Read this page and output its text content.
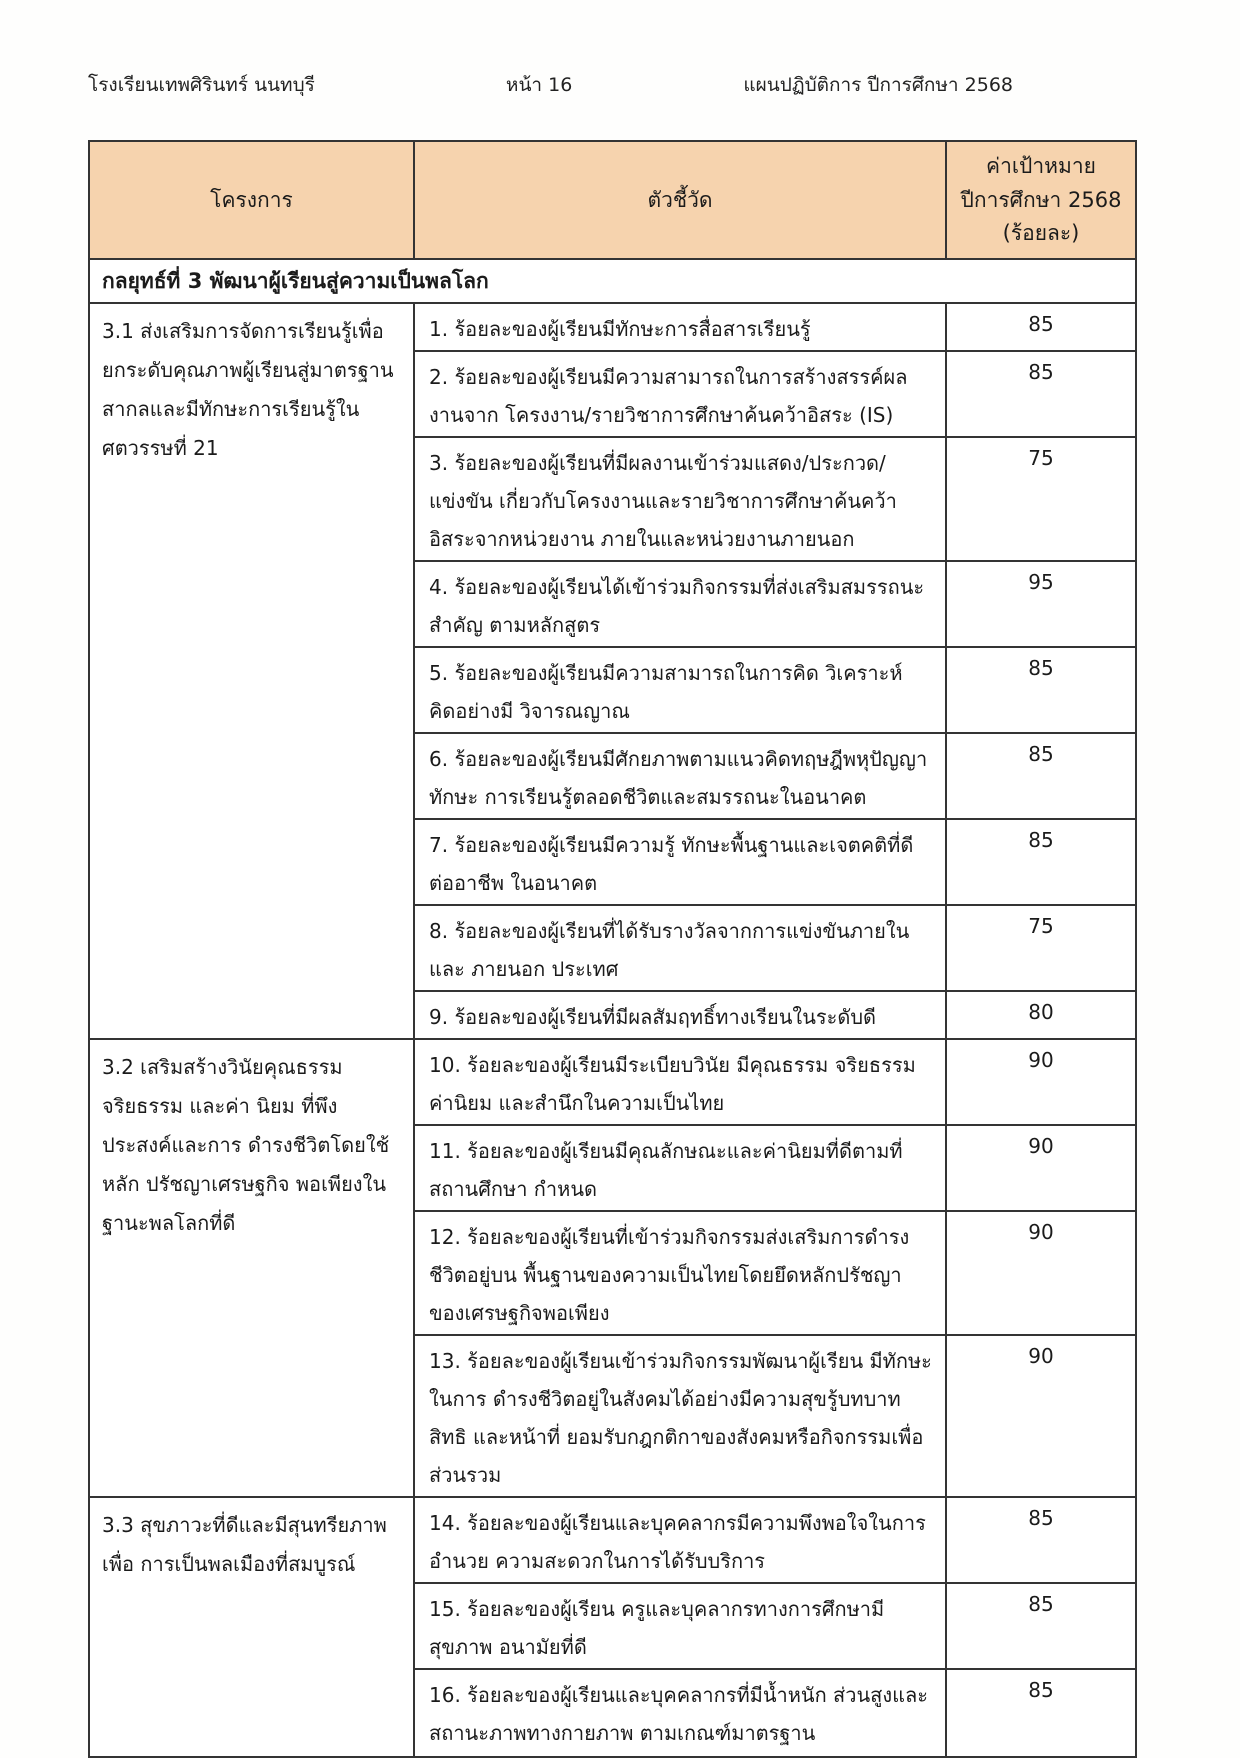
โรงเรียนเทพศิรินทร์ นนทบุรี	หน้า 16	แผนปฏิบัติการ ปีการศึกษา 2568
โครงการ	ตัวชี้วัด	ค่าเป้าหมาย
ปีการศึกษา 2568
(ร้อยละ)

กลยุทธ์ที่ 3 พัฒนาผู้เรียนสู่ความเป็นพลโลก		
3.1 ส่งเสริมการจัดการเรียนรู้เพื่อ ยกระดับคุณภาพผู้เรียนสู่มาตรฐาน สากลและมีทักษะการเรียนรู้ใน ศตวรรษที่ 21	1. ร้อยละของผู้เรียนมีทักษะการสื่อสารเรียนรู้	85
	2. ร้อยละของผู้เรียนมีความสามารถในการสร้างสรรค์ผลงานจาก โครงงาน/รายวิชาการศึกษาค้นคว้าอิสระ (IS)	85
	3. ร้อยละของผู้เรียนที่มีผลงานเข้าร่วมแสดง/ประกวด/แข่งขัน เกี่ยวกับโครงงานและรายวิชาการศึกษาค้นคว้าอิสระจากหน่วยงาน ภายในและหน่วยงานภายนอก	75
	4. ร้อยละของผู้เรียนได้เข้าร่วมกิจกรรมที่ส่งเสริมสมรรถนะสำคัญ ตามหลักสูตร	95
	5. ร้อยละของผู้เรียนมีความสามารถในการคิด วิเคราะห์ คิดอย่างมี วิจารณญาณ	85
	6. ร้อยละของผู้เรียนมีศักยภาพตามแนวคิดทฤษฎีพหุปัญญา ทักษะ การเรียนรู้ตลอดชีวิตและสมรรถนะในอนาคต	85
	7. ร้อยละของผู้เรียนมีความรู้ ทักษะพื้นฐานและเจตคติที่ดีต่ออาชีพ ในอนาคต	85
	8. ร้อยละของผู้เรียนที่ได้รับรางวัลจากการแข่งขันภายในและ ภายนอก ประเทศ	75
	9. ร้อยละของผู้เรียนที่มีผลสัมฤทธิ์ทางเรียนในระดับดี	80
3.2 เสริมสร้างวินัยคุณธรรม จริยธรรม และค่า นิยม ที่พึงประสงค์และการ ดำรงชีวิตโดยใช้หลัก ปรัชญาเศรษฐกิจ พอเพียงในฐานะพลโลกที่ดี	10. ร้อยละของผู้เรียนมีระเบียบวินัย มีคุณธรรม จริยธรรม ค่านิยม และสำนึกในความเป็นไทย	90
	11. ร้อยละของผู้เรียนมีคุณลักษณะและค่านิยมที่ดีตามที่สถานศึกษา กำหนด	90
	12. ร้อยละของผู้เรียนที่เข้าร่วมกิจกรรมส่งเสริมการดำรงชีวิตอยู่บน พื้นฐานของความเป็นไทยโดยยึดหลักปรัชญาของเศรษฐกิจพอเพียง	90
	13. ร้อยละของผู้เรียนเข้าร่วมกิจกรรมพัฒนาผู้เรียน มีทักษะในการ ดำรงชีวิตอยู่ในสังคมได้อย่างมีความสุขรู้บทบาท สิทธิ และหน้าที่ ยอมรับกฎกติกาของสังคมหรือกิจกรรมเพื่อส่วนรวม	90
3.3 สุขภาวะที่ดีและมีสุนทรียภาพเพื่อ การเป็นพลเมืองที่สมบูรณ์	14. ร้อยละของผู้เรียนและบุคคลากรมีความพึงพอใจในการอำนวย ความสะดวกในการได้รับบริการ	85
	15. ร้อยละของผู้เรียน ครูและบุคลากรทางการศึกษามีสุขภาพ อนามัยที่ดี	85
	16. ร้อยละของผู้เรียนและบุคคลากรที่มีน้ำหนัก ส่วนสูงและ สถานะภาพทางกายภาพ ตามเกณฑ์มาตรฐาน	85
